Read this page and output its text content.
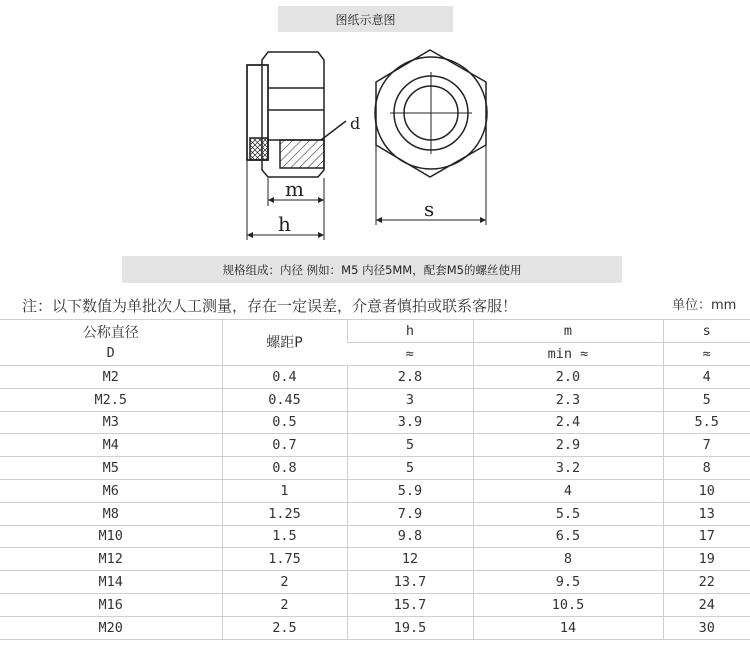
图纸示意图
d
m
h
s
规格组成：内径 例如：M5 内径5MM，配套M5的螺丝使用
注：以下数值为单批次人工测量，存在一定误差，介意者慎拍或联系客服！	单位：mm
公称直径
D	螺距P	h	m	s
		≈	min ≈	≈
M2	0.4	2.8	2.0	4
M2.5	0.45	3	2.3	5
M3	0.5	3.9	2.4	5.5
M4	0.7	5	2.9	7
M5	0.8	5	3.2	8
M6	1	5.9	4	10
M8	1.25	7.9	5.5	13
M10	1.5	9.8	6.5	17
M12	1.75	12	8	19
M14	2	13.7	9.5	22
M16	2	15.7	10.5	24
M20	2.5	19.5	14	30
